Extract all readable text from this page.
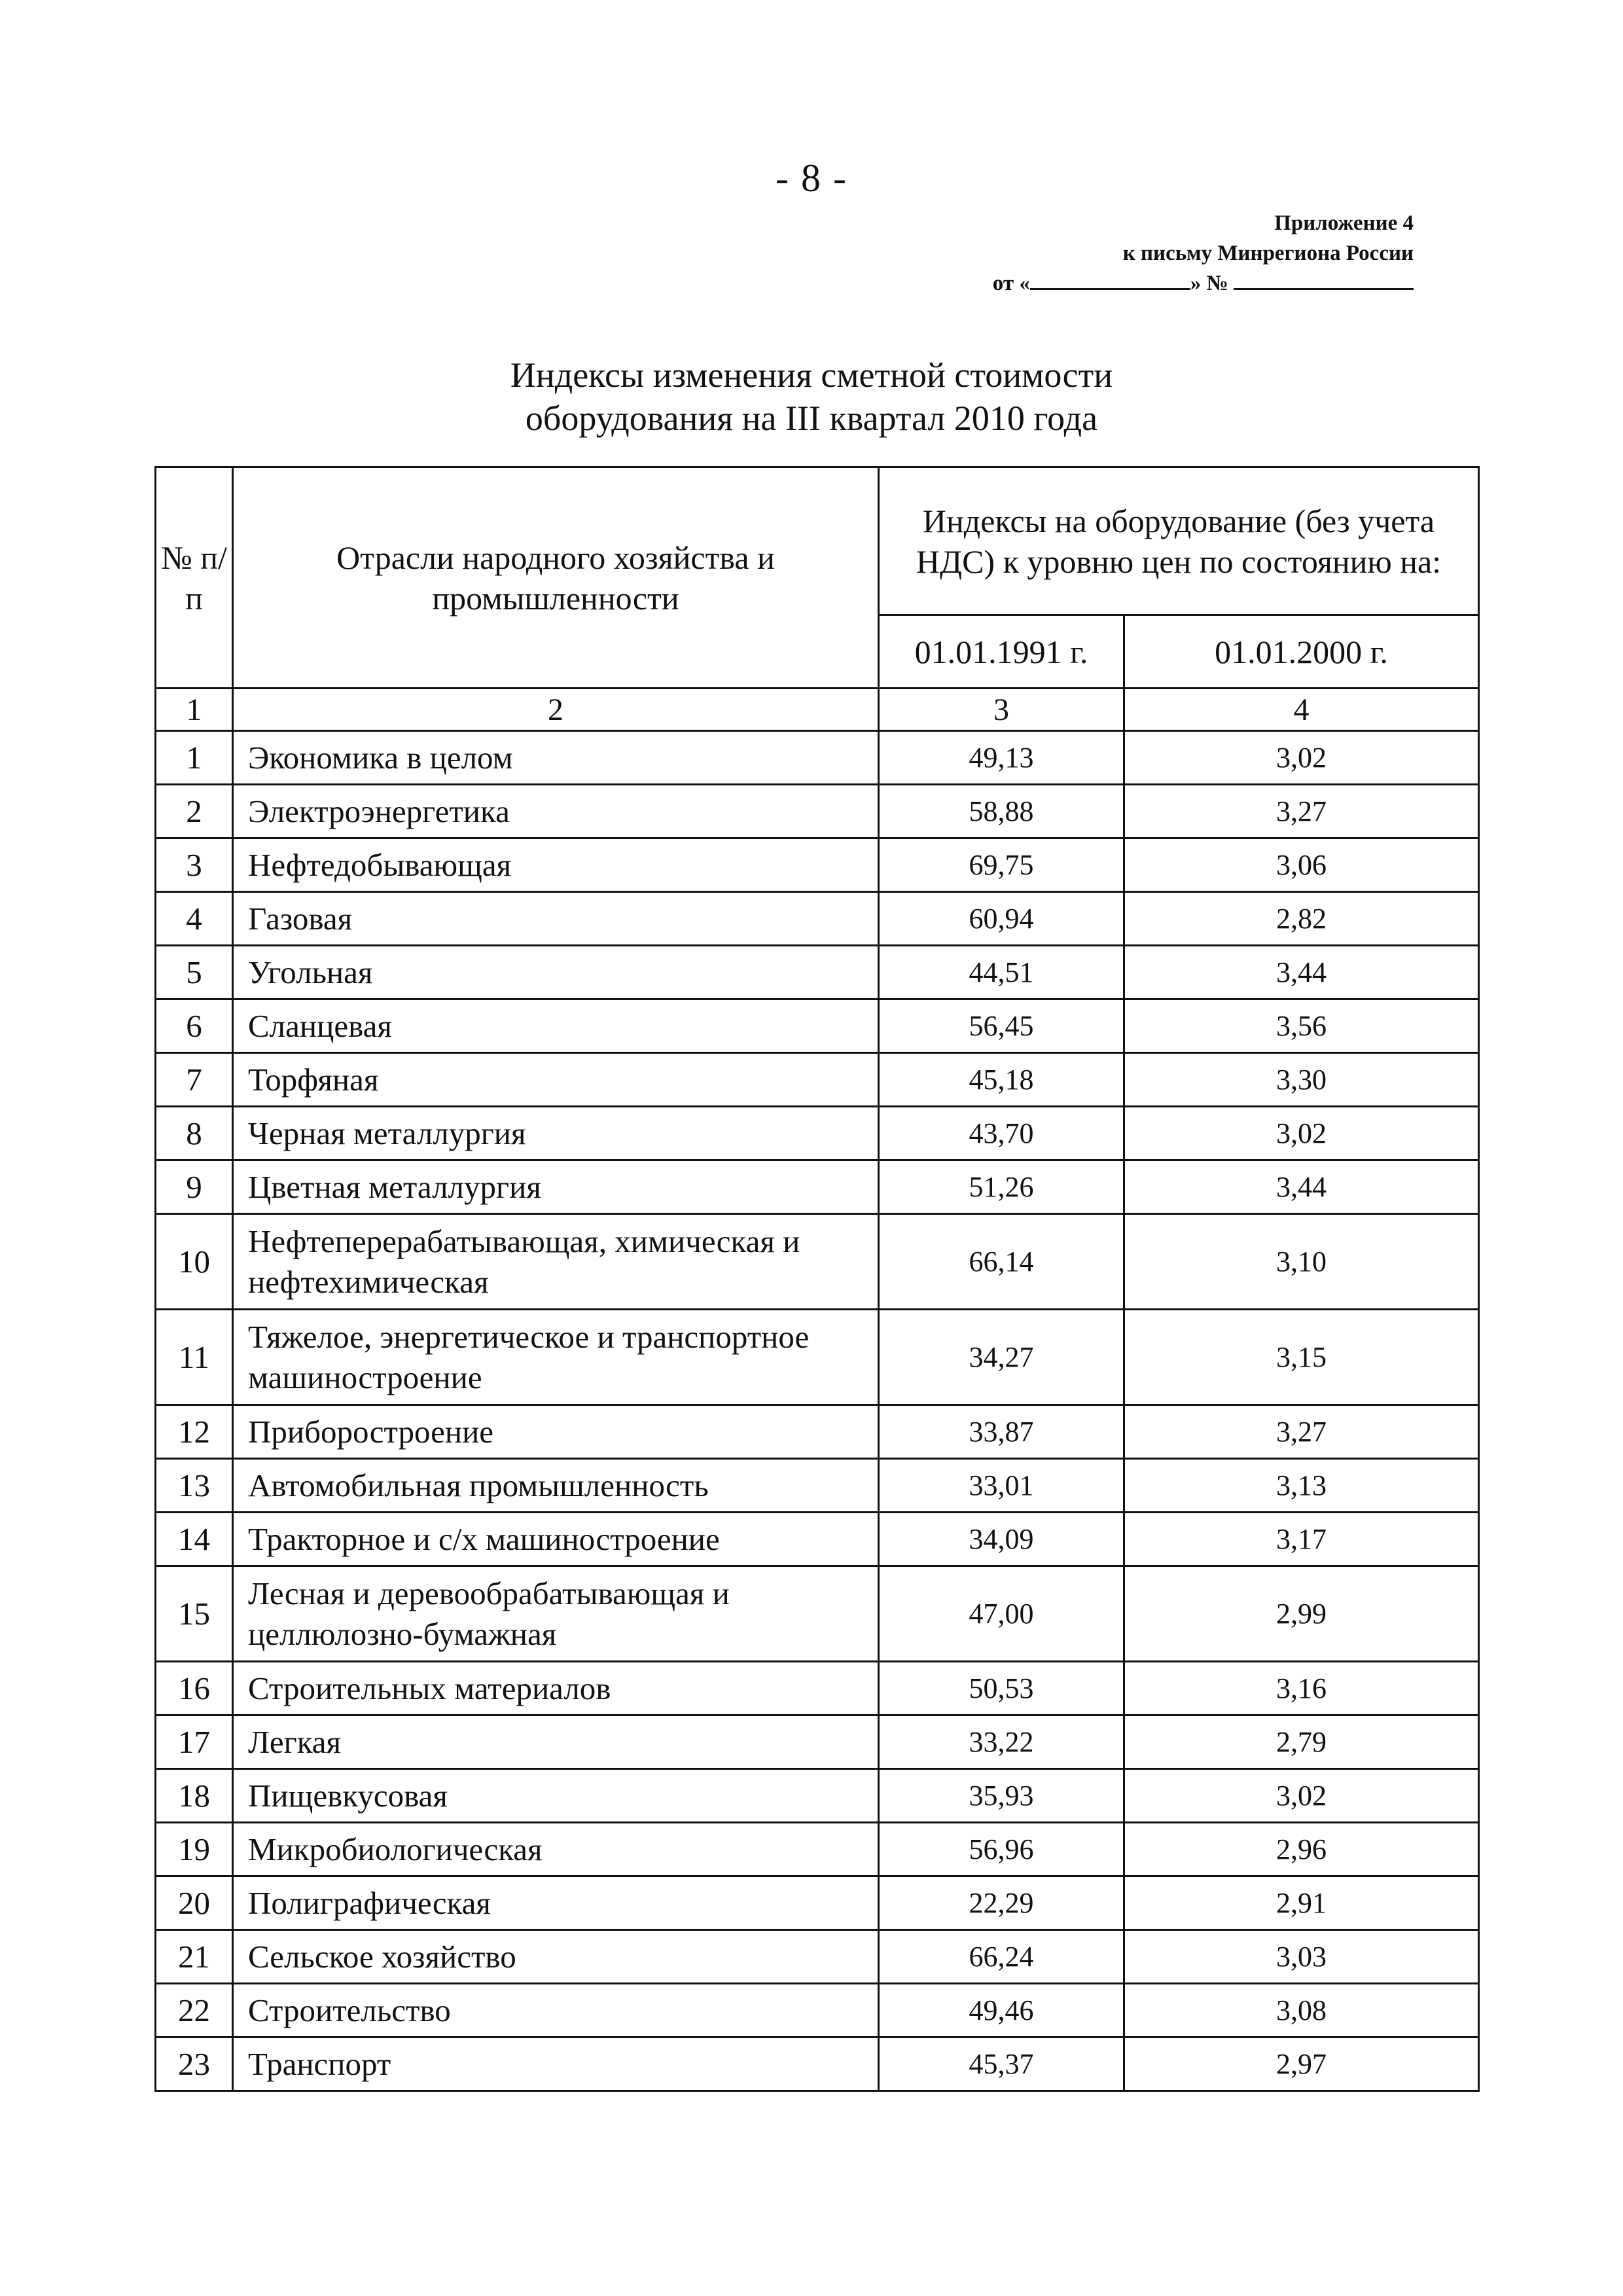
- 8 -
Приложение 4
к письму Минрегиона России
от «	» №
Индексы изменения сметной стоимости
оборудования на III квартал 2010 года
№ п/п	Отрасли народного хозяйства и промышленности	Индексы на оборудование (без учета НДС) к уровню цен по состоянию на:	
		01.01.1991 г.	01.01.2000 г.
1	2	3	4
1	Экономика в целом	49,13	3,02
2	Электроэнергетика	58,88	3,27
3	Нефтедобывающая	69,75	3,06
4	Газовая	60,94	2,82
5	Угольная	44,51	3,44
6	Сланцевая	56,45	3,56
7	Торфяная	45,18	3,30
8	Черная металлургия	43,70	3,02
9	Цветная металлургия	51,26	3,44
10	Нефтеперерабатывающая, химическая и нефтехимическая	66,14	3,10
11	Тяжелое, энергетическое и транспортное машиностроение	34,27	3,15
12	Приборостроение	33,87	3,27
13	Автомобильная промышленность	33,01	3,13
14	Тракторное и с/х машиностроение	34,09	3,17
15	Лесная и деревообрабатывающая и целлюлозно-бумажная	47,00	2,99
16	Строительных материалов	50,53	3,16
17	Легкая	33,22	2,79
18	Пищевкусовая	35,93	3,02
19	Микробиологическая	56,96	2,96
20	Полиграфическая	22,29	2,91
21	Сельское хозяйство	66,24	3,03
22	Строительство	49,46	3,08
23	Транспорт	45,37	2,97
